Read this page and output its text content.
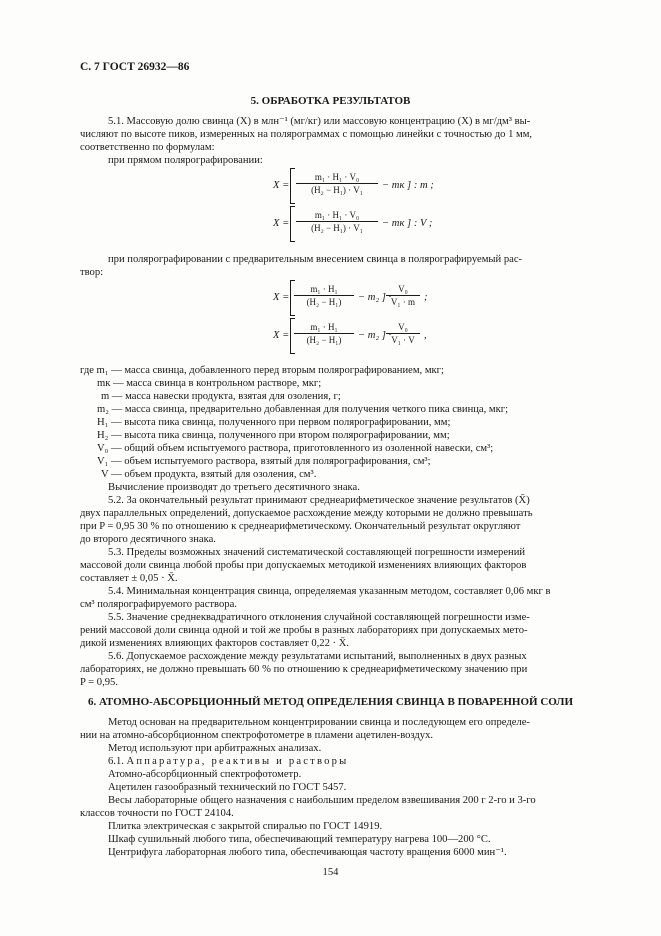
С. 7 ГОСТ 26932—86
5. ОБРАБОТКА РЕЗУЛЬТАТОВ
5.1. Массовую долю свинца (X) в млн⁻¹ (мг/кг) или массовую концентрацию (X) в мг/дм³ вы-
числяют по высоте пиков, измеренных на полярограммах с помощью линейки с точностью до 1 мм,
соответственно по формулам:
при прямом полярографировании:
X =
m₁ · H₁ · V₀
(H₂ − H₁) · V₁	− mк ] : m ;
X =
m₁ · H₁ · V₀
(H₂ − H₁) · V₁	− mк ] : V ;
при полярографировании с предварительным внесением свинца в полярографируемый рас-
твор:
X =
m₁ · H₁
(H₂ − H₁)	− m₂ ] ·
V₀
V₁ · m ;
X =
m₁ · H₁
(H₂ − H₁)	− m₂ ] ·
V₀
V₁ · V ,
где m₁ — масса свинца, добавленного перед вторым полярографированием, мкг;
mк — масса свинца в контрольном растворе, мкг;
m — масса навески продукта, взятая для озоления, г;
m₂ — масса свинца, предварительно добавленная для получения четкого пика свинца, мкг;
H₁ — высота пика свинца, полученного при первом полярографировании, мм;
H₂ — высота пика свинца, полученного при втором полярографировании, мм;
V₀ — общий объем испытуемого раствора, приготовленного из озоленной навески, см³;
V₁ — объем испытуемого раствора, взятый для полярографирования, см³;
V — объем продукта, взятый для озоления, см³.
Вычисление производят до третьего десятичного знака.
5.2. За окончательный результат принимают среднеарифметическое значение результатов (X̄)
двух параллельных определений, допускаемое расхождение между которыми не должно превышать
при P = 0,95 30 % по отношению к среднеарифметическому. Окончательный результат округляют
до второго десятичного знака.
5.3. Пределы возможных значений систематической составляющей погрешности измерений
массовой доли свинца любой пробы при допускаемых методикой изменениях влияющих факторов
составляет ± 0,05 · X̄.
5.4. Минимальная концентрация свинца, определяемая указанным методом, составляет 0,06 мкг в
см³ полярографируемого раствора.
5.5. Значение среднеквадратичного отклонения случайной составляющей погрешности изме-
рений массовой доли свинца одной и той же пробы в разных лабораториях при допускаемых мето-
дикой изменениях влияющих факторов составляет 0,22 · X̄.
5.6. Допускаемое расхождение между результатами испытаний, выполненных в двух разных
лабораториях, не должно превышать 60 % по отношению к среднеарифметическому значению при
P = 0,95.
6. АТОМНО-АБСОРБЦИОННЫЙ МЕТОД ОПРЕДЕЛЕНИЯ СВИНЦА В ПОВАРЕННОЙ СОЛИ
Метод основан на предварительном концентрировании свинца и последующем его определе-
нии на атомно-абсорбционном спектрофотометре в пламени ацетилен-воздух.
Метод используют при арбитражных анализах.
6.1. Аппаратура, реактивы и растворы
Атомно-абсорбционный спектрофотометр.
Ацетилен газообразный технический по ГОСТ 5457.
Весы лабораторные общего назначения с наибольшим пределом взвешивания 200 г 2-го и 3-го
классов точности по ГОСТ 24104.
Плитка электрическая с закрытой спиралью по ГОСТ 14919.
Шкаф сушильный любого типа, обеспечивающий температуру нагрева 100—200 °С.
Центрифуга лабораторная любого типа, обеспечивающая частоту вращения 6000 мин⁻¹.
154
